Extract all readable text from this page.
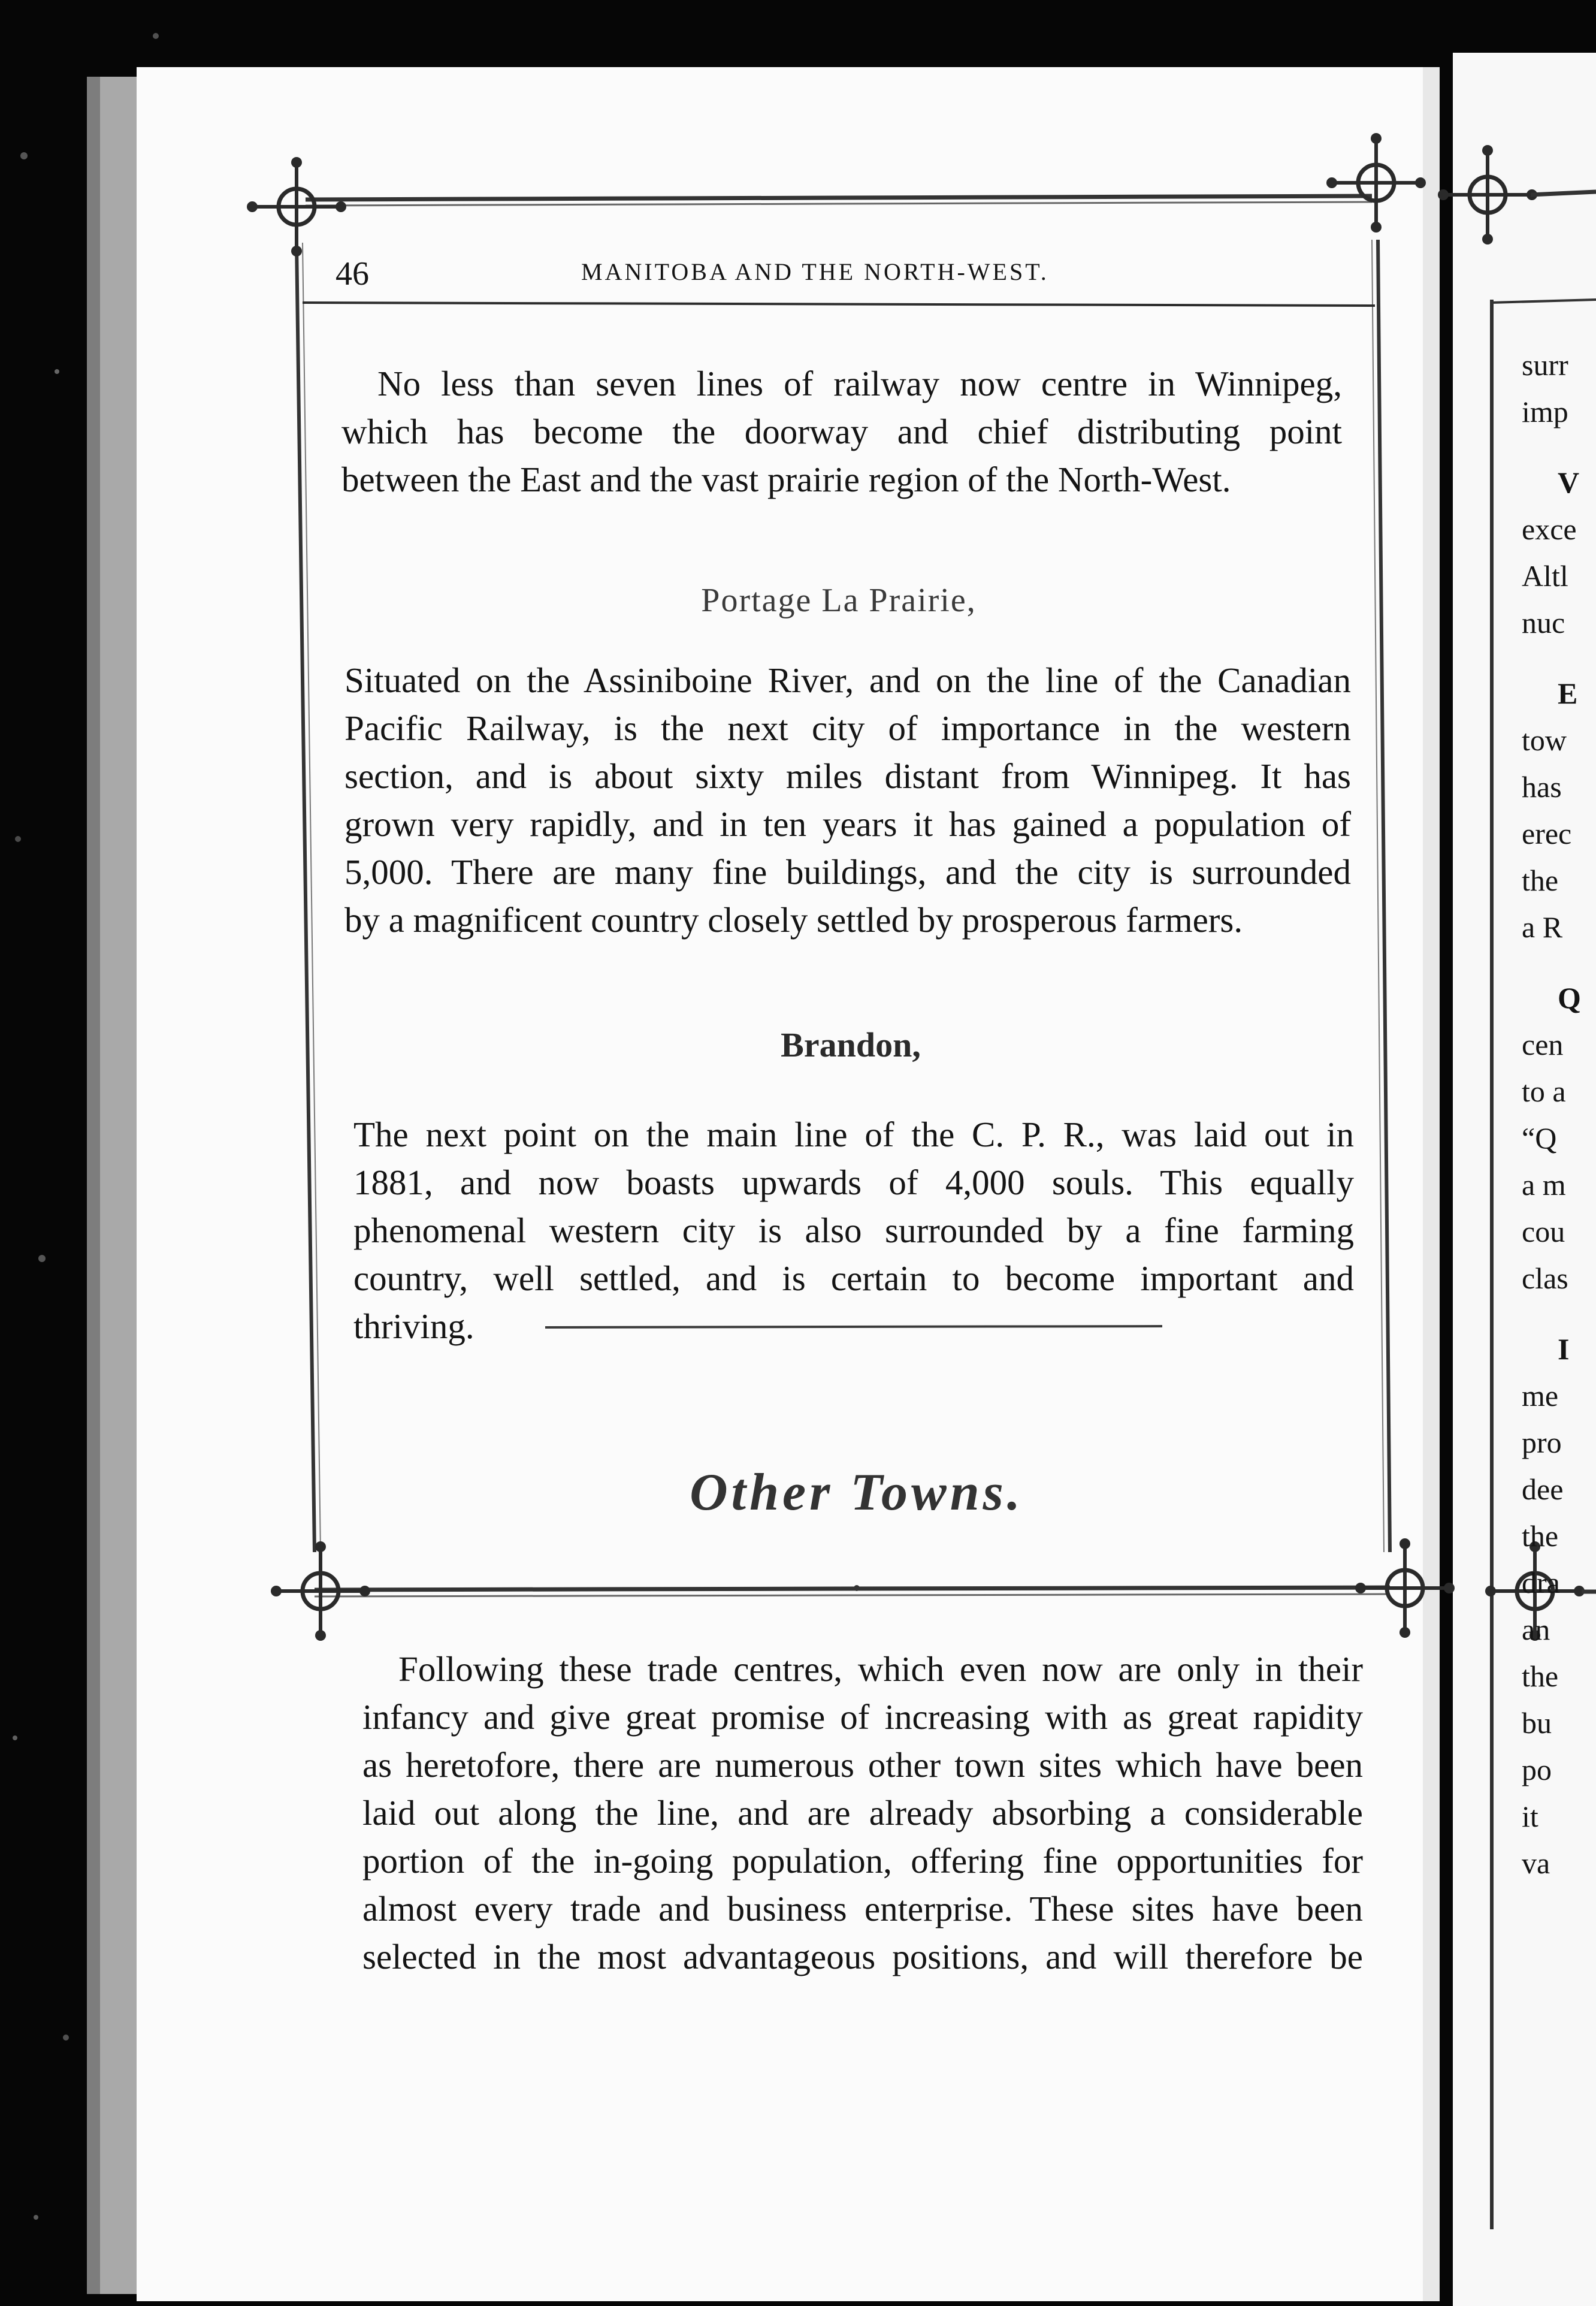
46	MANITOBA AND THE NORTH-WEST.
No less than seven lines of railway now centre in Winnipeg,
which has become the doorway and chief distributing point
between the East and the vast prairie region of the North-West.
Portage La Prairie,
Situated on the Assiniboine River, and on the line of the Canadian
Pacific Railway, is the next city of importance in the western
section, and is about sixty miles distant from Winnipeg. It has
grown very rapidly, and in ten years it has gained a population of
5,000. There are many fine buildings, and the city is surrounded
by a magnificent country closely settled by prosperous farmers.
Brandon,
The next point on the main line of the C. P. R., was laid out in
1881, and now boasts upwards of 4,000 souls. This equally
phenomenal western city is also surrounded by a fine farming
country, well settled, and is certain to become important and
thriving.
Other Towns.
Following these trade centres, which even now are only in their
infancy and give great promise of increasing with as great rapidity
as heretofore, there are numerous other town sites which have been
laid out along the line, and are already absorbing a considerable
portion of the in-going population, offering fine opportunities for
almost every trade and business enterprise. These sites have been
selected in the most advantageous positions, and will therefore be
surr
imp
V
exce
Altl
nuc
E
tow
has
erec
the
a R
Q
cen
to a
“Q
a m
cou
clas
I
me
pro
dee
the
dra
an
the
bu
po
it
va
